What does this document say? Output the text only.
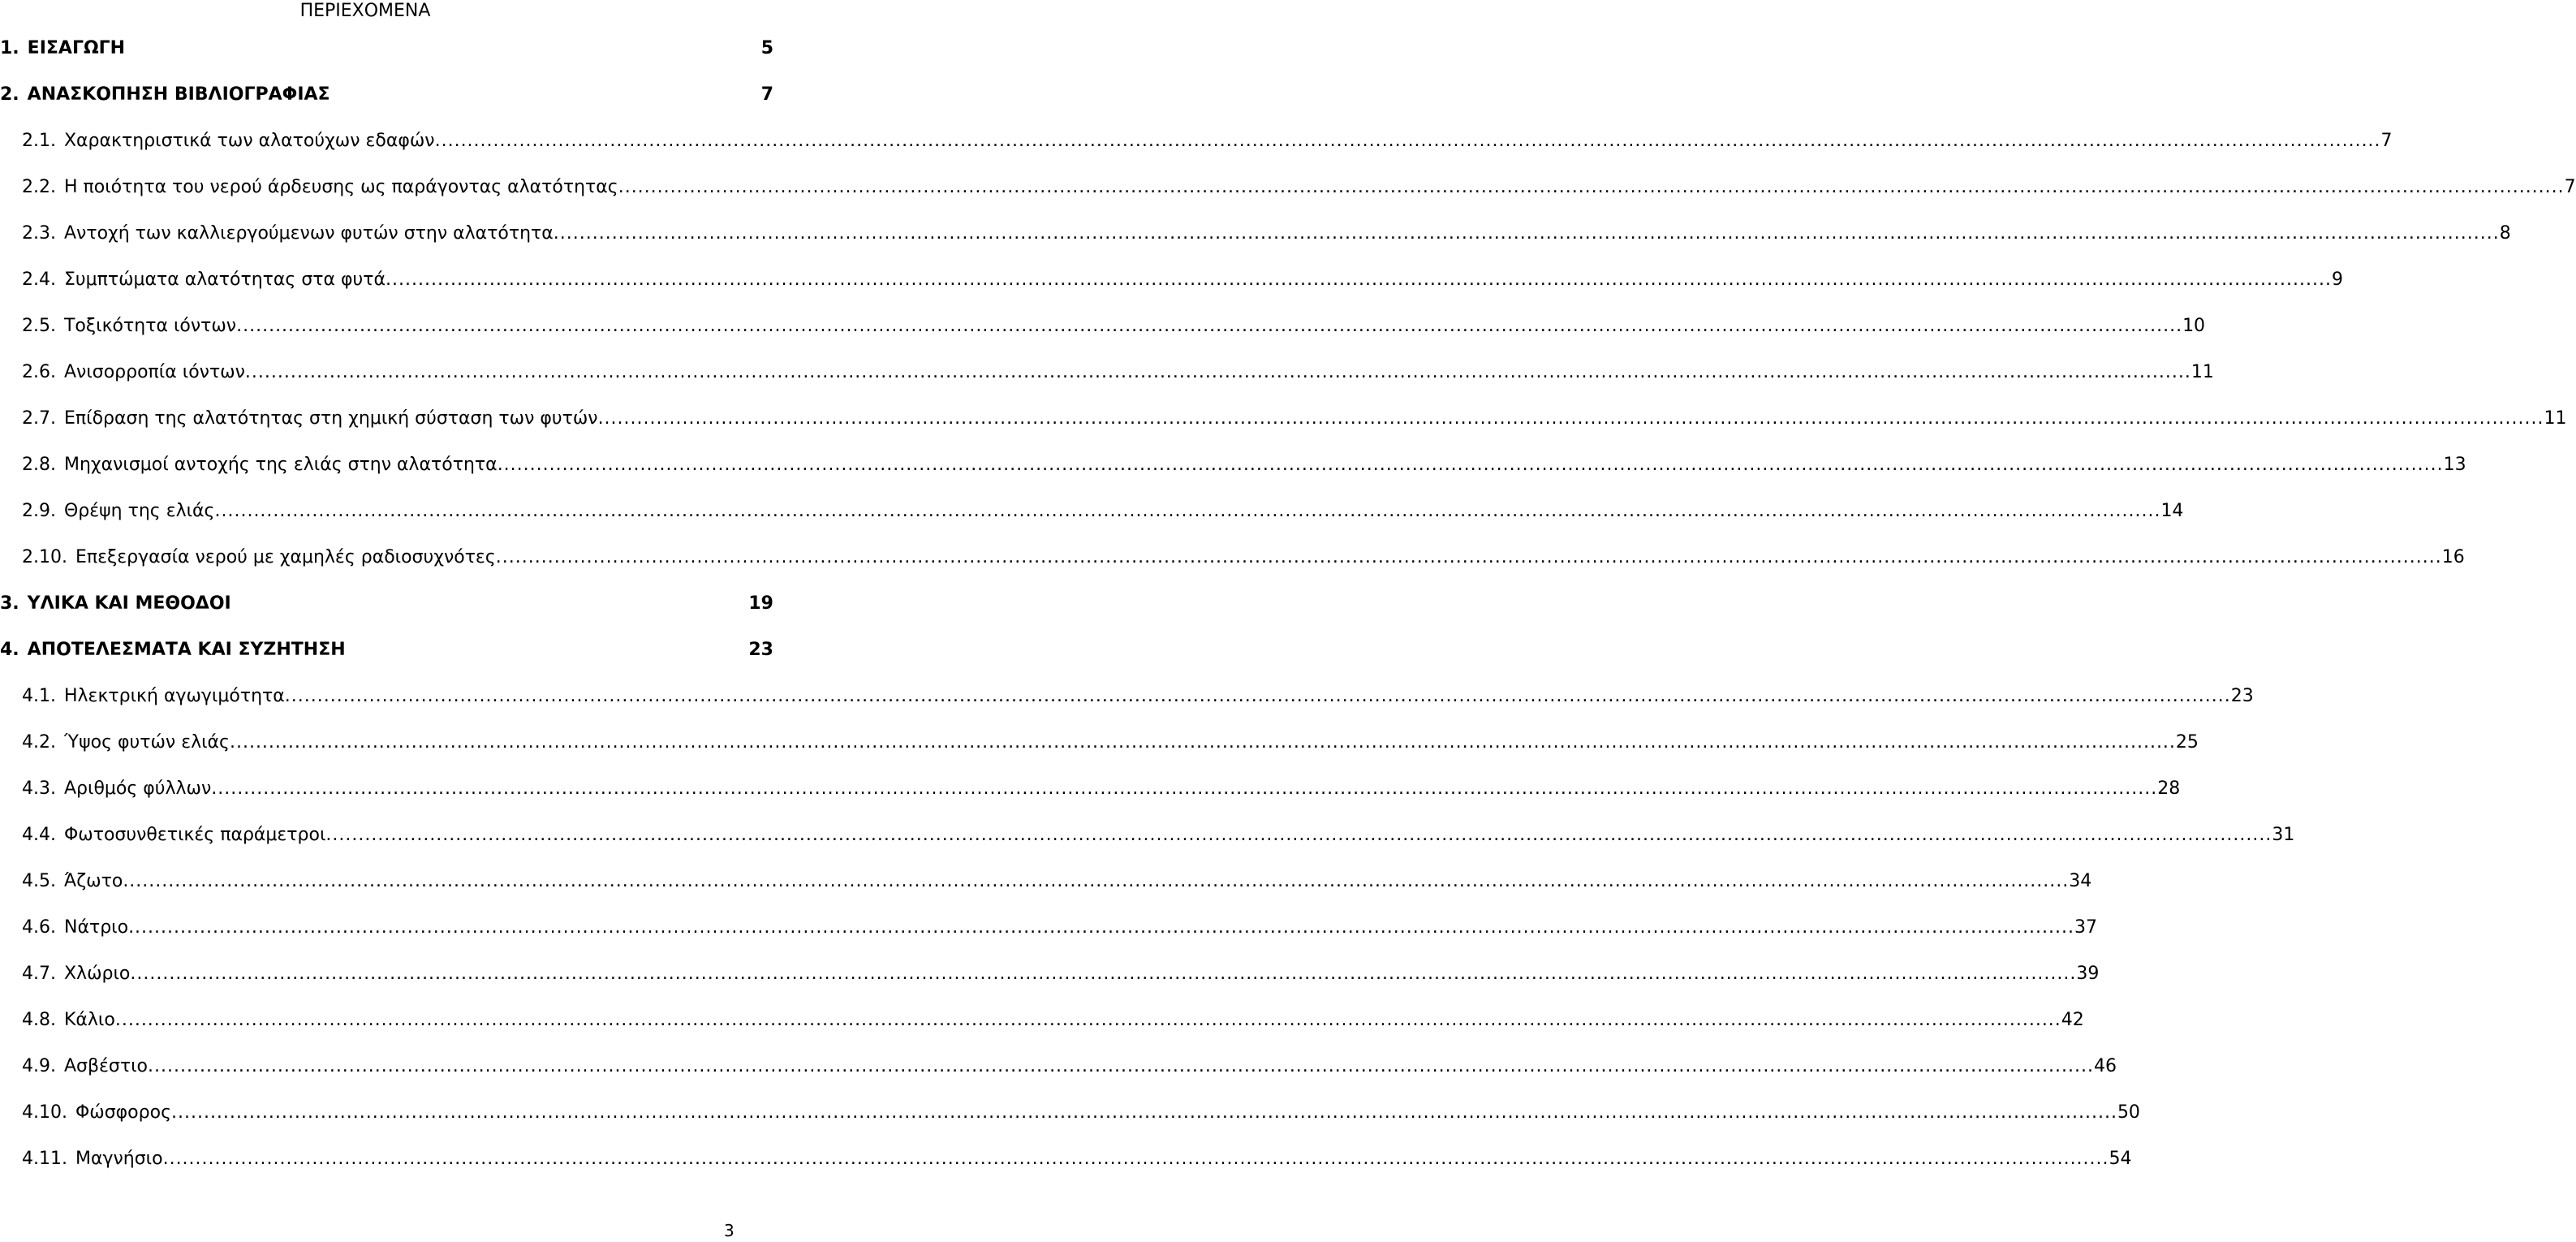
ΠΕΡΙΕΧΟΜΕΝΑ
1. ΕΙΣΑΓΩΓΗ	5
2. ΑΝΑΣΚΟΠΗΣΗ ΒΙΒΛΙΟΓΡΑΦΙΑΣ	7
2.1. Χαρακτηριστικά των αλατούχων εδαφών ............................................................................................................................................................................................................................................................................................................ 7
2.2. Η ποιότητα του νερού άρδευσης ως παράγοντας αλατότητας ............................................................................................................................................................................................................................................................................................................ 7
2.3. Αντοχή των καλλιεργούμενων φυτών στην αλατότητα ............................................................................................................................................................................................................................................................................................................ 8
2.4. Συμπτώματα αλατότητας στα φυτά ............................................................................................................................................................................................................................................................................................................ 9
2.5. Τοξικότητα ιόντων ............................................................................................................................................................................................................................................................................................................ 10
2.6. Ανισορροπία ιόντων ............................................................................................................................................................................................................................................................................................................ 11
2.7. Επίδραση της αλατότητας στη χημική σύσταση των φυτών ............................................................................................................................................................................................................................................................................................................ 11
2.8. Μηχανισμοί αντοχής της ελιάς στην αλατότητα ............................................................................................................................................................................................................................................................................................................ 13
2.9. Θρέψη της ελιάς ............................................................................................................................................................................................................................................................................................................ 14
2.10. Επεξεργασία νερού με χαμηλές ραδιοσυχνότες ............................................................................................................................................................................................................................................................................................................ 16
3. ΥΛΙΚΑ ΚΑΙ ΜΕΘΟΔΟΙ	19
4. ΑΠΟΤΕΛΕΣΜΑΤΑ ΚΑΙ ΣΥΖΗΤΗΣΗ	23
4.1. Ηλεκτρική αγωγιμότητα ............................................................................................................................................................................................................................................................................................................ 23
4.2. Ύψος φυτών ελιάς ............................................................................................................................................................................................................................................................................................................ 25
4.3. Αριθμός φύλλων ............................................................................................................................................................................................................................................................................................................ 28
4.4. Φωτοσυνθετικές παράμετροι ............................................................................................................................................................................................................................................................................................................ 31
4.5. Άζωτο ............................................................................................................................................................................................................................................................................................................ 34
4.6. Νάτριο ............................................................................................................................................................................................................................................................................................................ 37
4.7. Χλώριο ............................................................................................................................................................................................................................................................................................................ 39
4.8. Κάλιο ............................................................................................................................................................................................................................................................................................................ 42
4.9. Ασβέστιο ............................................................................................................................................................................................................................................................................................................ 46
4.10. Φώσφορος ............................................................................................................................................................................................................................................................................................................ 50
4.11. Μαγνήσιο ............................................................................................................................................................................................................................................................................................................ 54
3
